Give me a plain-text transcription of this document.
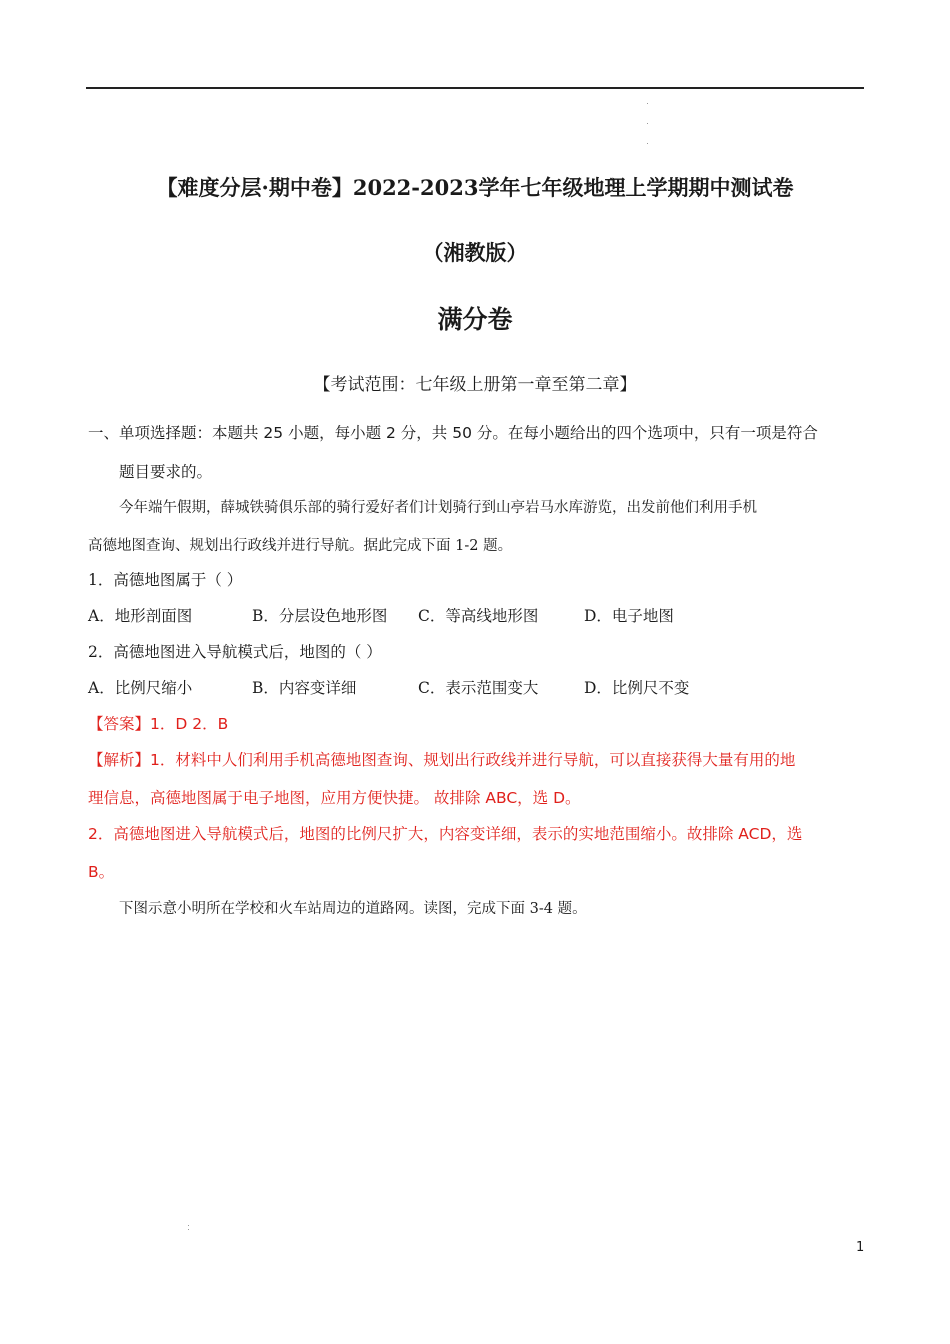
【难度分层·期中卷】2022-2023学年七年级地理上学期期中测试卷
（湘教版）
满分卷
【考试范围：七年级上册第一章至第二章】
一、单项选择题：本题共 25 小题，每小题 2 分，共 50 分。在每小题给出的四个选项中，只有一项是符合
题目要求的。
今年端午假期，薛城铁骑俱乐部的骑行爱好者们计划骑行到山亭岩马水库游览，出发前他们利用手机
高德地图查询、规划出行政线并进行导航。据此完成下面 1-2 题。
1．高德地图属于（ ）
A．地形剖面图	B．分层设色地形图 C．等高线地形图	D．电子地图
2．高德地图进入导航模式后，地图的（ ）
A．比例尺缩小	B．内容变详细	C．表示范围变大	D．比例尺不变
【答案】1．D 2．B
【解析】1．材料中人们利用手机高德地图查询、规划出行政线并进行导航，可以直接获得大量有用的地
理信息，高德地图属于电子地图，应用方便快捷。 故排除 ABC，选 D。
2．高德地图进入导航模式后，地图的比例尺扩大，内容变详细，表示的实地范围缩小。故排除 ACD，选
B。
下图示意小明所在学校和火车站周边的道路网。读图，完成下面 3-4 题。
1
